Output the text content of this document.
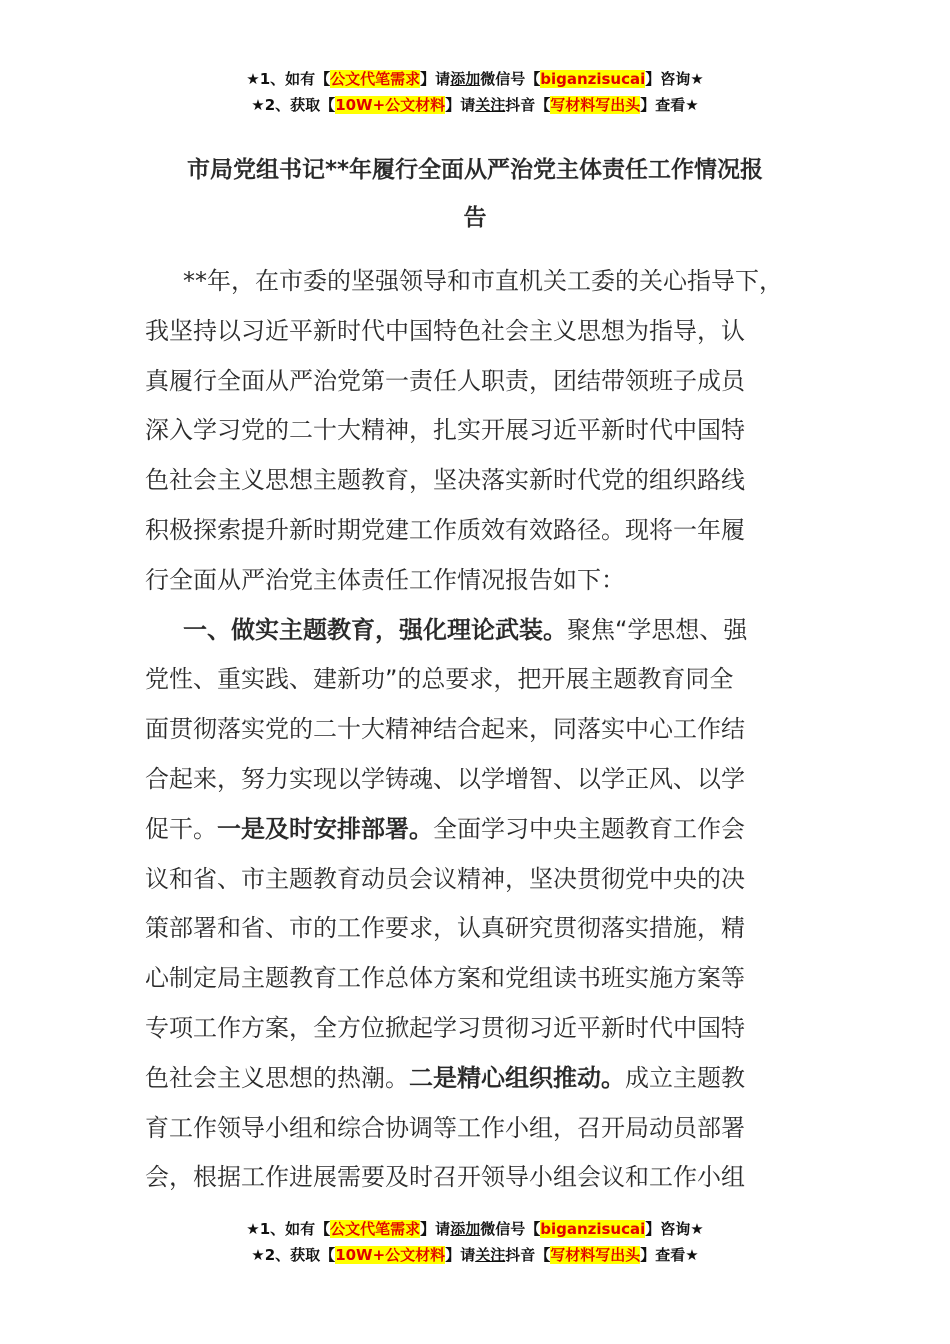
★1、如有【公文代笔需求】请添加微信号【biganzisucai】咨询★
★2、获取【10W+公文材料】请关注抖音【写材料写出头】查看★
市局党组书记**年履行全面从严治党主体责任工作情况报
告
**年，在市委的坚强领导和市直机关工委的关心指导下，
我坚持以习近平新时代中国特色社会主义思想为指导，认
真履行全面从严治党第一责任人职责，团结带领班子成员
深入学习党的二十大精神，扎实开展习近平新时代中国特
色社会主义思想主题教育，坚决落实新时代党的组织路线
积极探索提升新时期党建工作质效有效路径。现将一年履
行全面从严治党主体责任工作情况报告如下：
一、做实主题教育，强化理论武装。聚焦“学思想、强
党性、重实践、建新功”的总要求，把开展主题教育同全
面贯彻落实党的二十大精神结合起来，同落实中心工作结
合起来，努力实现以学铸魂、以学增智、以学正风、以学
促干。一是及时安排部署。全面学习中央主题教育工作会
议和省、市主题教育动员会议精神，坚决贯彻党中央的决
策部署和省、市的工作要求，认真研究贯彻落实措施，精
心制定局主题教育工作总体方案和党组读书班实施方案等
专项工作方案，全方位掀起学习贯彻习近平新时代中国特
色社会主义思想的热潮。二是精心组织推动。成立主题教
育工作领导小组和综合协调等工作小组，召开局动员部署
会，根据工作进展需要及时召开领导小组会议和工作小组
★1、如有【公文代笔需求】请添加微信号【biganzisucai】咨询★
★2、获取【10W+公文材料】请关注抖音【写材料写出头】查看★
